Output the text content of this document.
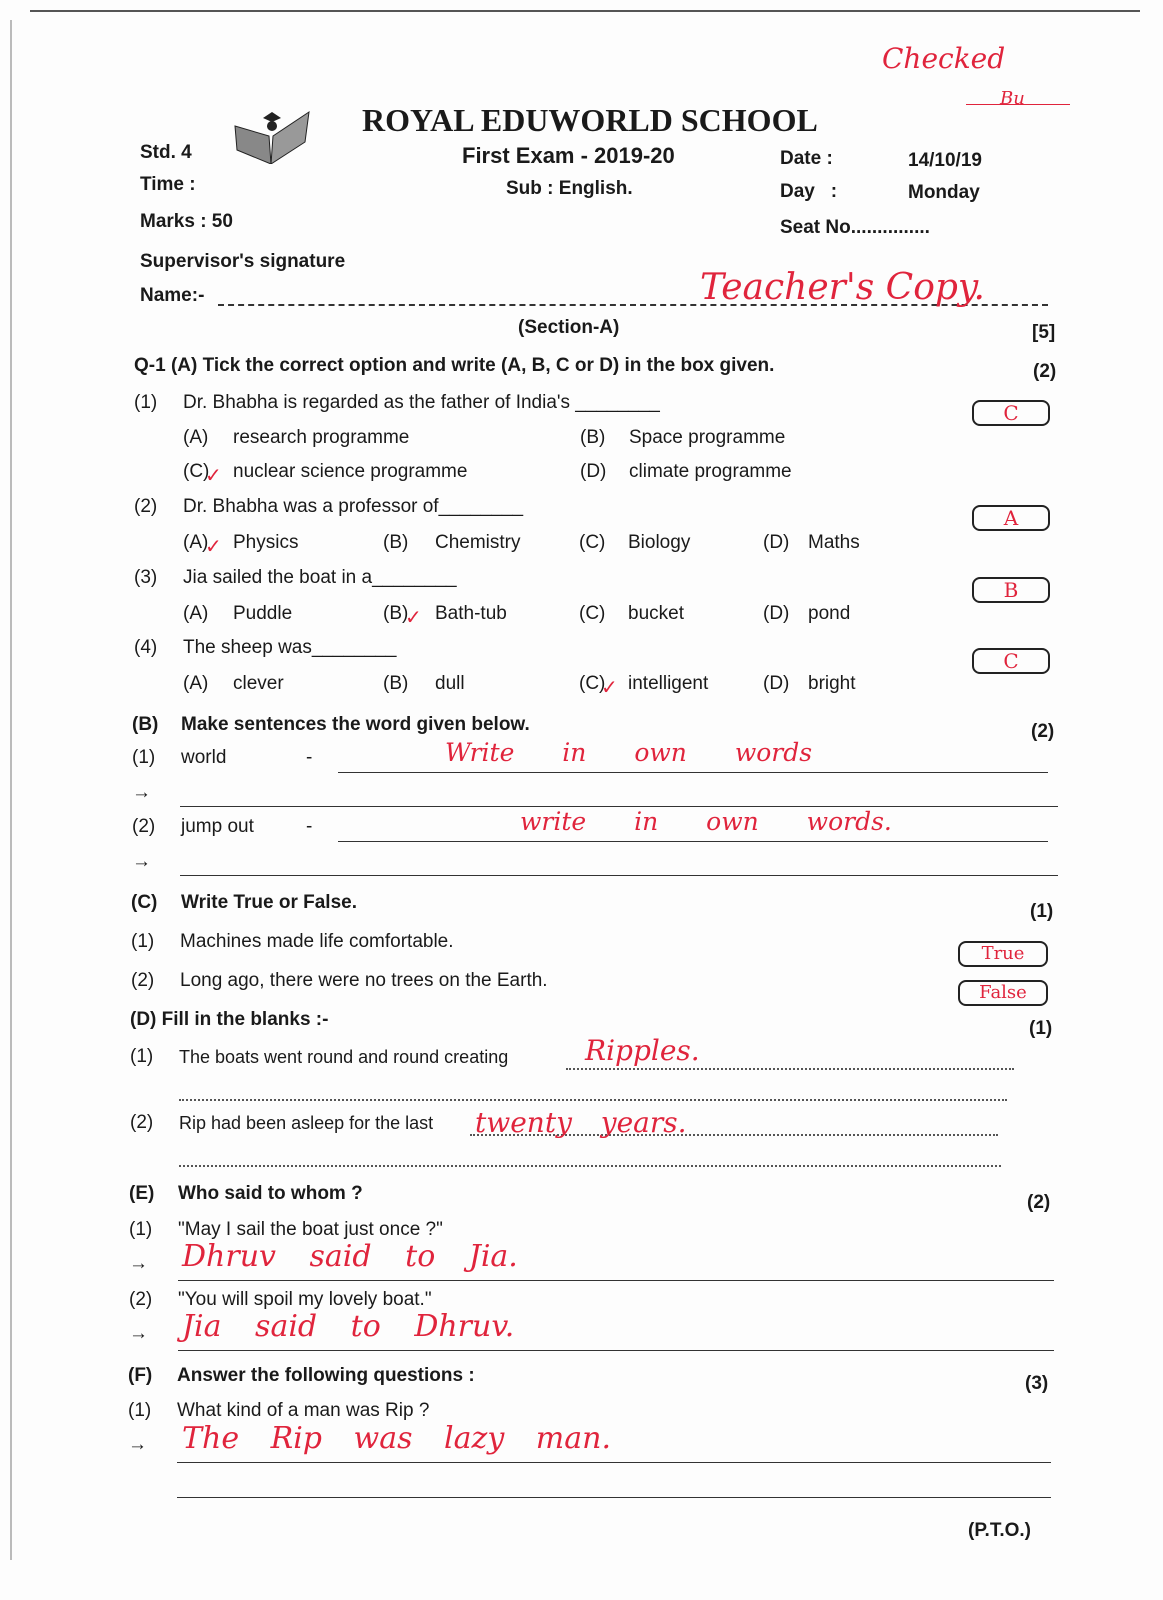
Checked
Bu
ROYAL EDUWORLD SCHOOL
Std. 4	First Exam - 2019-20	Date :	14/10/19
Time :	Sub : English.	Day   :	Monday
Marks : 50	Seat No...............
Supervisor's signature
Name:-	Teacher's Copy.
(Section-A)	[5]
Q-1 (A) Tick the correct option and write (A, B, C or D) in the box given.	(2)
(1) Dr. Bhabha is regarded as the father of India's ________	C
(A) research programme	(B) Space programme
(C) nuclear science programme
✓	(D) climate programme
(2) Dr. Bhabha was a professor of________	A
(A) Physics
✓	(B) Chemistry	(C) Biology	(D) Maths
(3) Jia sailed the boat in a________
B
(A) Puddle	(B) Bath-tub
✓	(C) bucket	(D) pond
(4) The sheep was________
C
(A) clever	(B) dull	(C) intelligent
✓	(D) bright
(B) Make sentences the word given below.	(2)
(1) world	-	Write in own words
→
(2) jump out	-	write in own words.
→
(C) Write True or False.	(1)
(1) Machines made life comfortable.
True
(2) Long ago, there were no trees on the Earth.
False
(D) Fill in the blanks :-	(1)
(1) The boats went round and round creating	Ripples.
(2) Rip had been asleep for the last twenty years.
(E) Who said to whom ?	(2)
(1) "May I sail the boat just once ?"
→ Dhruv said to Jia.
(2) "You will spoil my lovely boat."
→ Jia said to Dhruv.
(F) Answer the following questions :	(3)
(1) What kind of a man was Rip ?
→ The Rip was lazy man.
(P.T.O.)
